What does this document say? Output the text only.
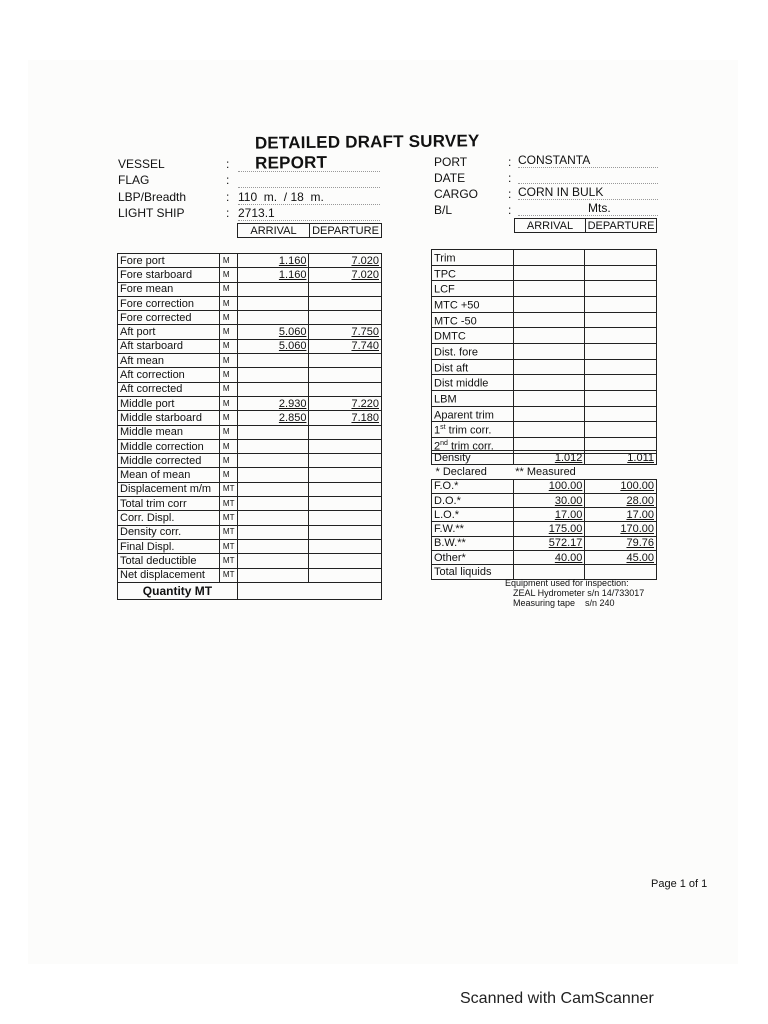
DETAILED DRAFT SURVEY REPORT
VESSEL	:
FLAG	:
LBP/Breadth	: 110  m.  / 18  m.
LIGHT SHIP	: 2713.1
PORT	: CONSTANTA
DATE	:
CARGO : CORN IN BULK
B/L	:	Mts.
ARRIVAL	DEPARTURE
Fore port	M	1.160	7.020
Fore starboard	M	1.160	7.020
Fore mean	M		
Fore correction	M		
Fore corrected	M		
Aft port	M	5.060	7.750
Aft starboard	M	5.060	7.740
Aft mean	M		
Aft correction	M		
Aft corrected	M		
Middle port	M	2.930	7.220
Middle starboard	M	2.850	7.180
Middle mean	M		
Middle correction	M		
Middle corrected	M		
Mean of mean	M		
Displacement m/m	MT		
Total trim corr	MT		
Corr. Displ.	MT		
Density corr.	MT		
Final Displ.	MT		
Total deductible	MT		
Net displacement	MT		
Quantity MT			
ARRIVAL	DEPARTURE
Trim		
TPC		
LCF		
MTC +50		
MTC -50		
DMTC		
Dist. fore		
Dist aft		
Dist middle		
LBM		
Aparent trim		
1st trim corr.		
2nd trim corr.		
Density	1.012	1.011
* Declared	** Measured	
F.O.*	100.00	100.00
D.O.*	30.00	28.00
L.O.*	17.00	17.00
F.W.**	175.00	170.00
B.W.**	572.17	79.76
Other*	40.00	45.00
Total liquids		
Equipment used for inspection:
ZEAL Hydrometer s/n 14/733017
Measuring tape    s/n 240
Page 1 of 1
Scanned with CamScanner
